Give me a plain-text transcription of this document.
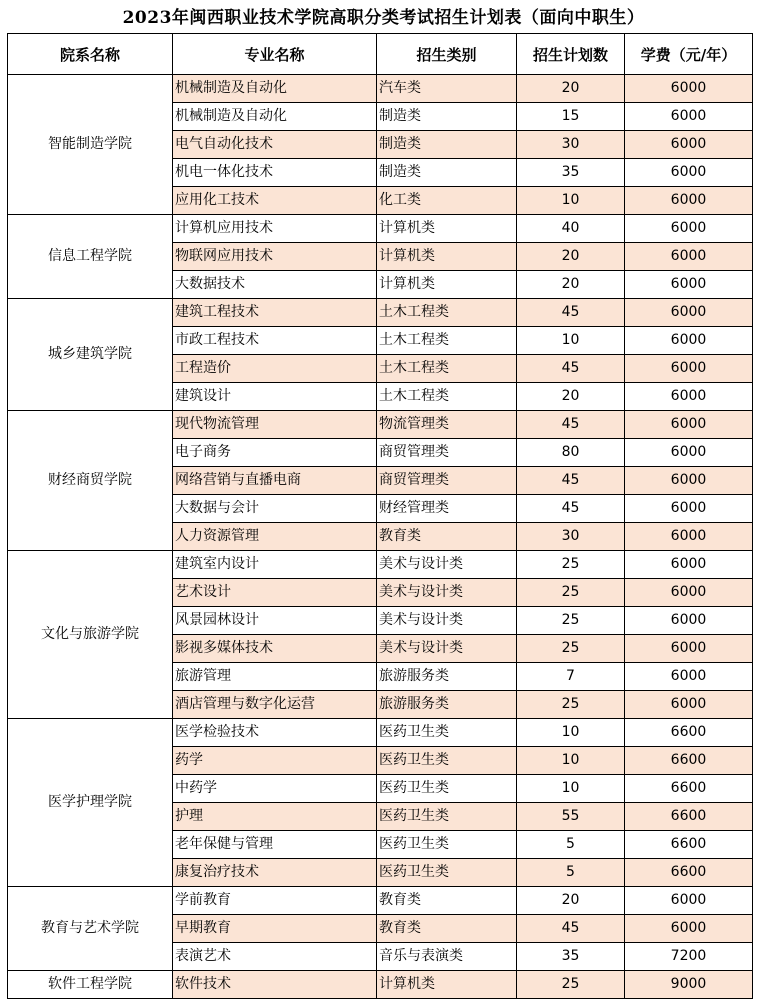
2023年闽西职业技术学院高职分类考试招生计划表（面向中职生）
院系名称	专业名称	招生类别	招生计划数	学费（元/年）
智能制造学院	机械制造及自动化	汽车类	20	6000
	机械制造及自动化	制造类	15	6000
	电气自动化技术	制造类	30	6000
	机电一体化技术	制造类	35	6000
	应用化工技术	化工类	10	6000
信息工程学院	计算机应用技术	计算机类	40	6000
	物联网应用技术	计算机类	20	6000
	大数据技术	计算机类	20	6000
城乡建筑学院	建筑工程技术	土木工程类	45	6000
	市政工程技术	土木工程类	10	6000
	工程造价	土木工程类	45	6000
	建筑设计	土木工程类	20	6000
财经商贸学院	现代物流管理	物流管理类	45	6000
	电子商务	商贸管理类	80	6000
	网络营销与直播电商	商贸管理类	45	6000
	大数据与会计	财经管理类	45	6000
	人力资源管理	教育类	30	6000
文化与旅游学院	建筑室内设计	美术与设计类	25	6000
	艺术设计	美术与设计类	25	6000
	风景园林设计	美术与设计类	25	6000
	影视多媒体技术	美术与设计类	25	6000
	旅游管理	旅游服务类	7	6000
	酒店管理与数字化运营	旅游服务类	25	6000
医学护理学院	医学检验技术	医药卫生类	10	6600
	药学	医药卫生类	10	6600
	中药学	医药卫生类	10	6600
	护理	医药卫生类	55	6600
	老年保健与管理	医药卫生类	5	6600
	康复治疗技术	医药卫生类	5	6600
教育与艺术学院	学前教育	教育类	20	6000
	早期教育	教育类	45	6000
	表演艺术	音乐与表演类	35	7200
软件工程学院	软件技术	计算机类	25	9000
